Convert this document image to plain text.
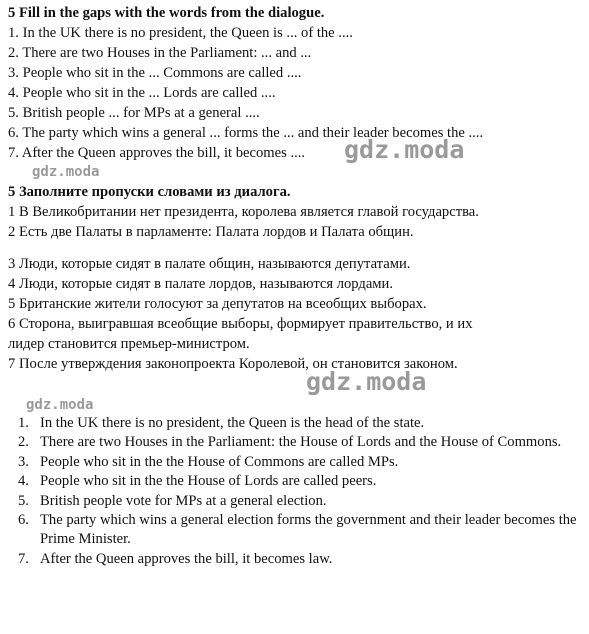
5 Fill in the gaps with the words from the dialogue.
1. In the UK there is no president, the Queen is ... of the ....
2. There are two Houses in the Parliament: ... and ...
3. People who sit in the ... Commons are called ....
4. People who sit in the ... Lords are called ....
5. British people ... for MPs at a general ....
6. The party which wins a general ... forms the ... and their leader becomes the ....
7. After the Queen approves the bill, it becomes .... gdz.moda
gdz.moda
5 Заполните пропуски словами из диалога.
1 В Великобритании нет президента, королева является главой государства.
2 Есть две Палаты в парламенте: Палата лордов и Палата общин.
3 Люди, которые сидят в палате общин, называются депутатами.
4 Люди, которые сидят в палате лордов, называются лордами.
5 Британские жители голосуют за депутатов на всеобщих выборах.
6 Сторона, выигравшая всеобщие выборы, формирует правительство, и их
лидер становится премьер-министром.
7 После утверждения законопроекта Королевой, он становится законом.
gdz.moda
gdz.moda
1. In the UK there is no president, the Queen is the head of the state.
2. There are two Houses in the Parliament: the House of Lords and the House of Commons.
3. People who sit in the the House of Commons are called MPs.
4. People who sit in the the House of Lords are called peers.
5. British people vote for MPs at a general election.
6. The party which wins a general election forms the government and their leader becomes the Prime Minister.
7. After the Queen approves the bill, it becomes law.
